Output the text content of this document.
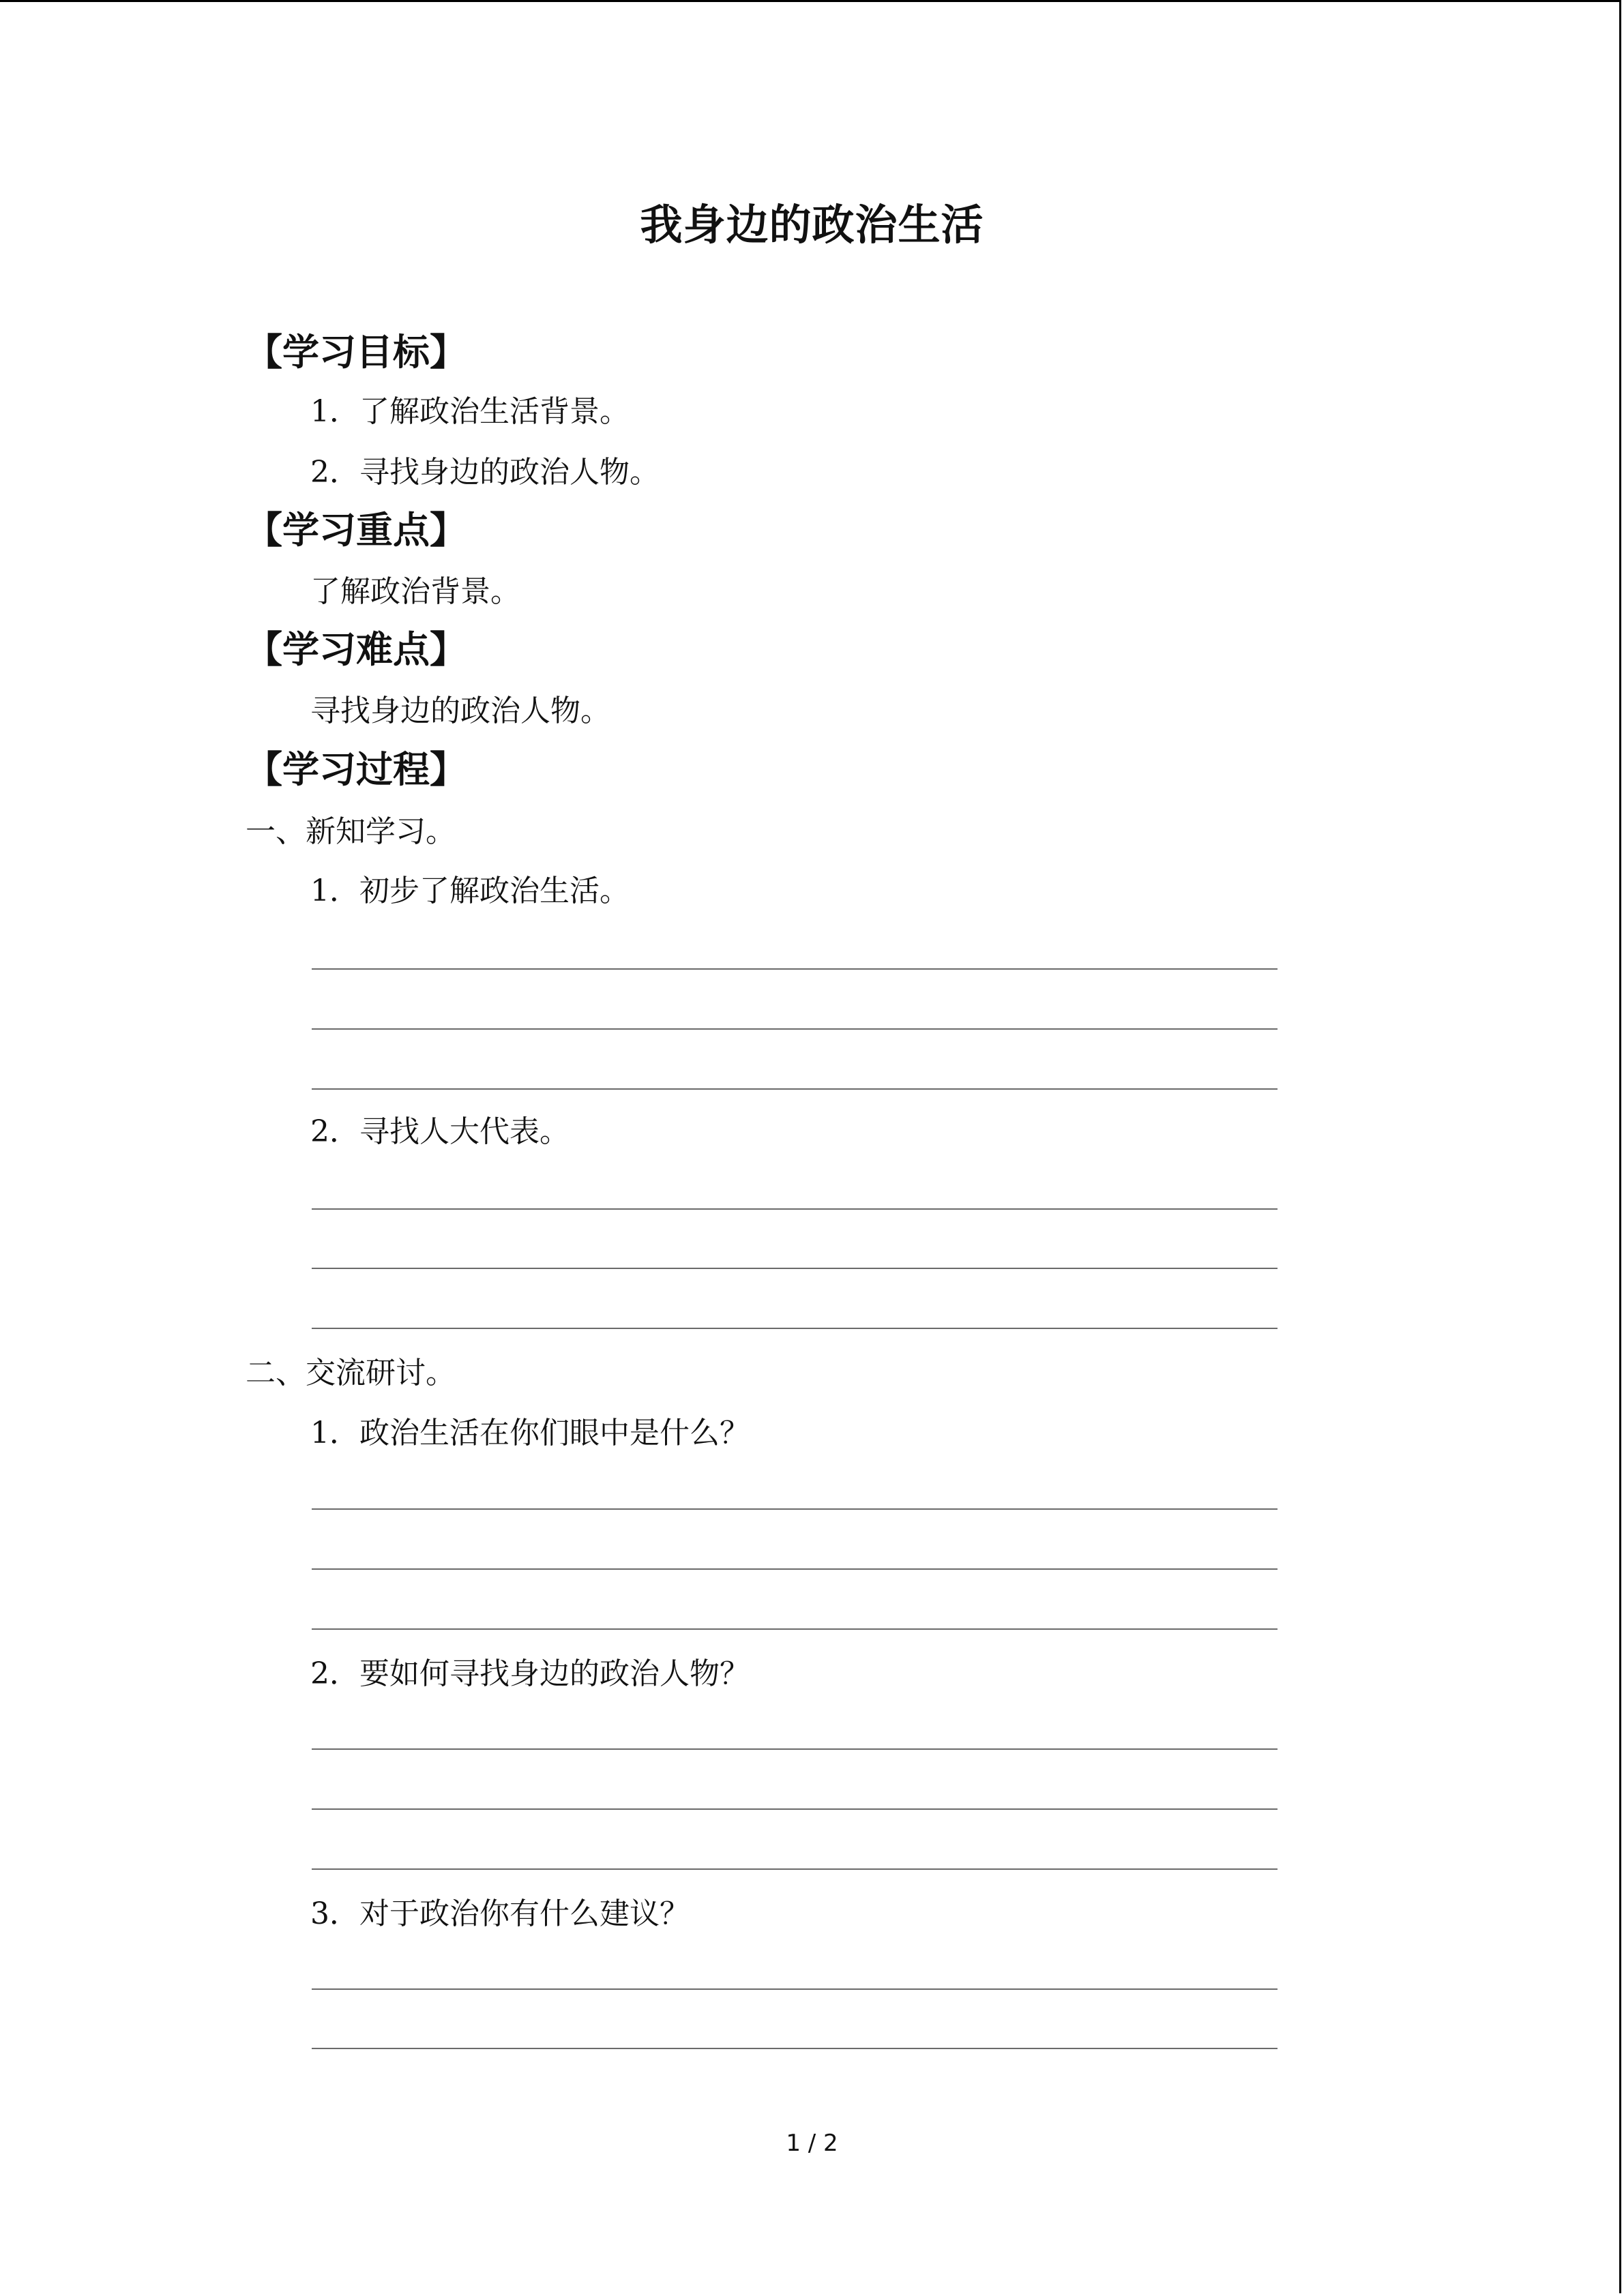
我身边的政治生活
【学习目标】
1．了解政治生活背景。
2．寻找身边的政治人物。
【学习重点】
了解政治背景。
【学习难点】
寻找身边的政治人物。
【学习过程】
一、新知学习。
1．初步了解政治生活。
2．寻找人大代表。
二、交流研讨。
1．政治生活在你们眼中是什么？
2．要如何寻找身边的政治人物？
3．对于政治你有什么建议？
1 / 2
